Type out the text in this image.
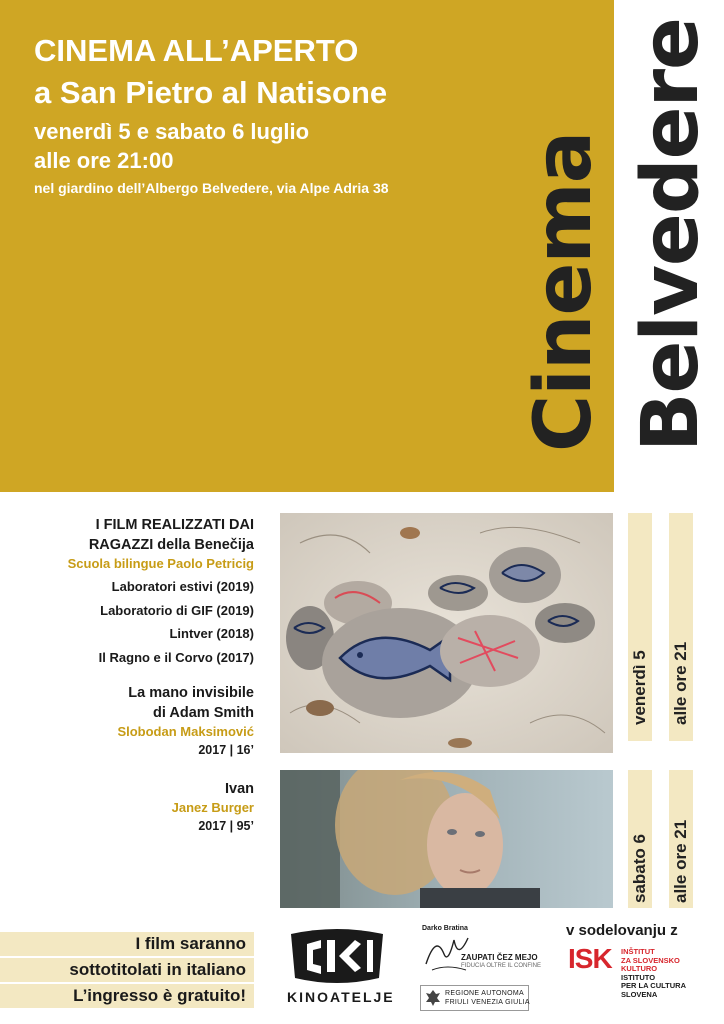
CINEMA ALL’APERTO
a San Pietro al Natisone
venerdì 5 e sabato 6 luglio
alle ore 21:00
nel giardino dell’Albergo Belvedere, via Alpe Adria 38 Cinema Belvedere
I FILM REALIZZATI DAI
RAGAZZI della Benečija
Scuola bilingue Paolo Petricig
Laboratori estivi (2019)
Laboratorio di GIF (2019)
Lintver (2018)
Il Ragno e il Corvo (2017)
La mano invisibile
di Adam Smith
Slobodan Maksimović
2017 | 16’
Ivan
Janez Burger
2017 | 95’
venerdì 5 alle ore 21
sabato 6 alle ore 21
I film saranno
sottotitolati in italiano
L’ingresso è gratuito!	KINOATELJE
Darko Bratina
ZAUPATI ČEZ MEJO
FIDUCIA OLTRE IL CONFINE
REGIONE AUTONOMA
FRIULI VENEZIA GIULIA
v sodelovanju z
ISK INŠTITUT
ZA SLOVENSKO
KULTURO
ISTITUTO
PER LA CULTURA
SLOVENA
